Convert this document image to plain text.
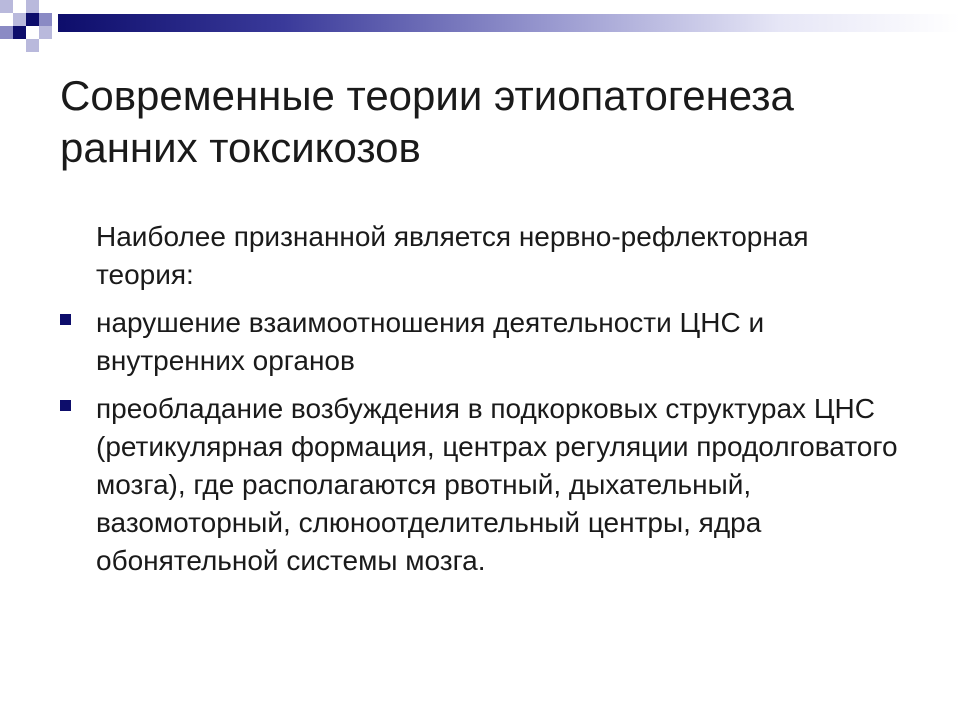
Современные теории этиопатогенеза ранних токсикозов

Наиболее признанной является нервно-рефлекторная теория:

нарушение взаимоотношения деятельности ЦНС и внутренних органов
преобладание возбуждения в подкорковых структурах ЦНС (ретикулярная формация, центрах регуляции продолговатого мозга), где располагаются рвотный, дыхательный, вазомоторный, слюноотделительный центры, ядра обонятельной системы мозга.
